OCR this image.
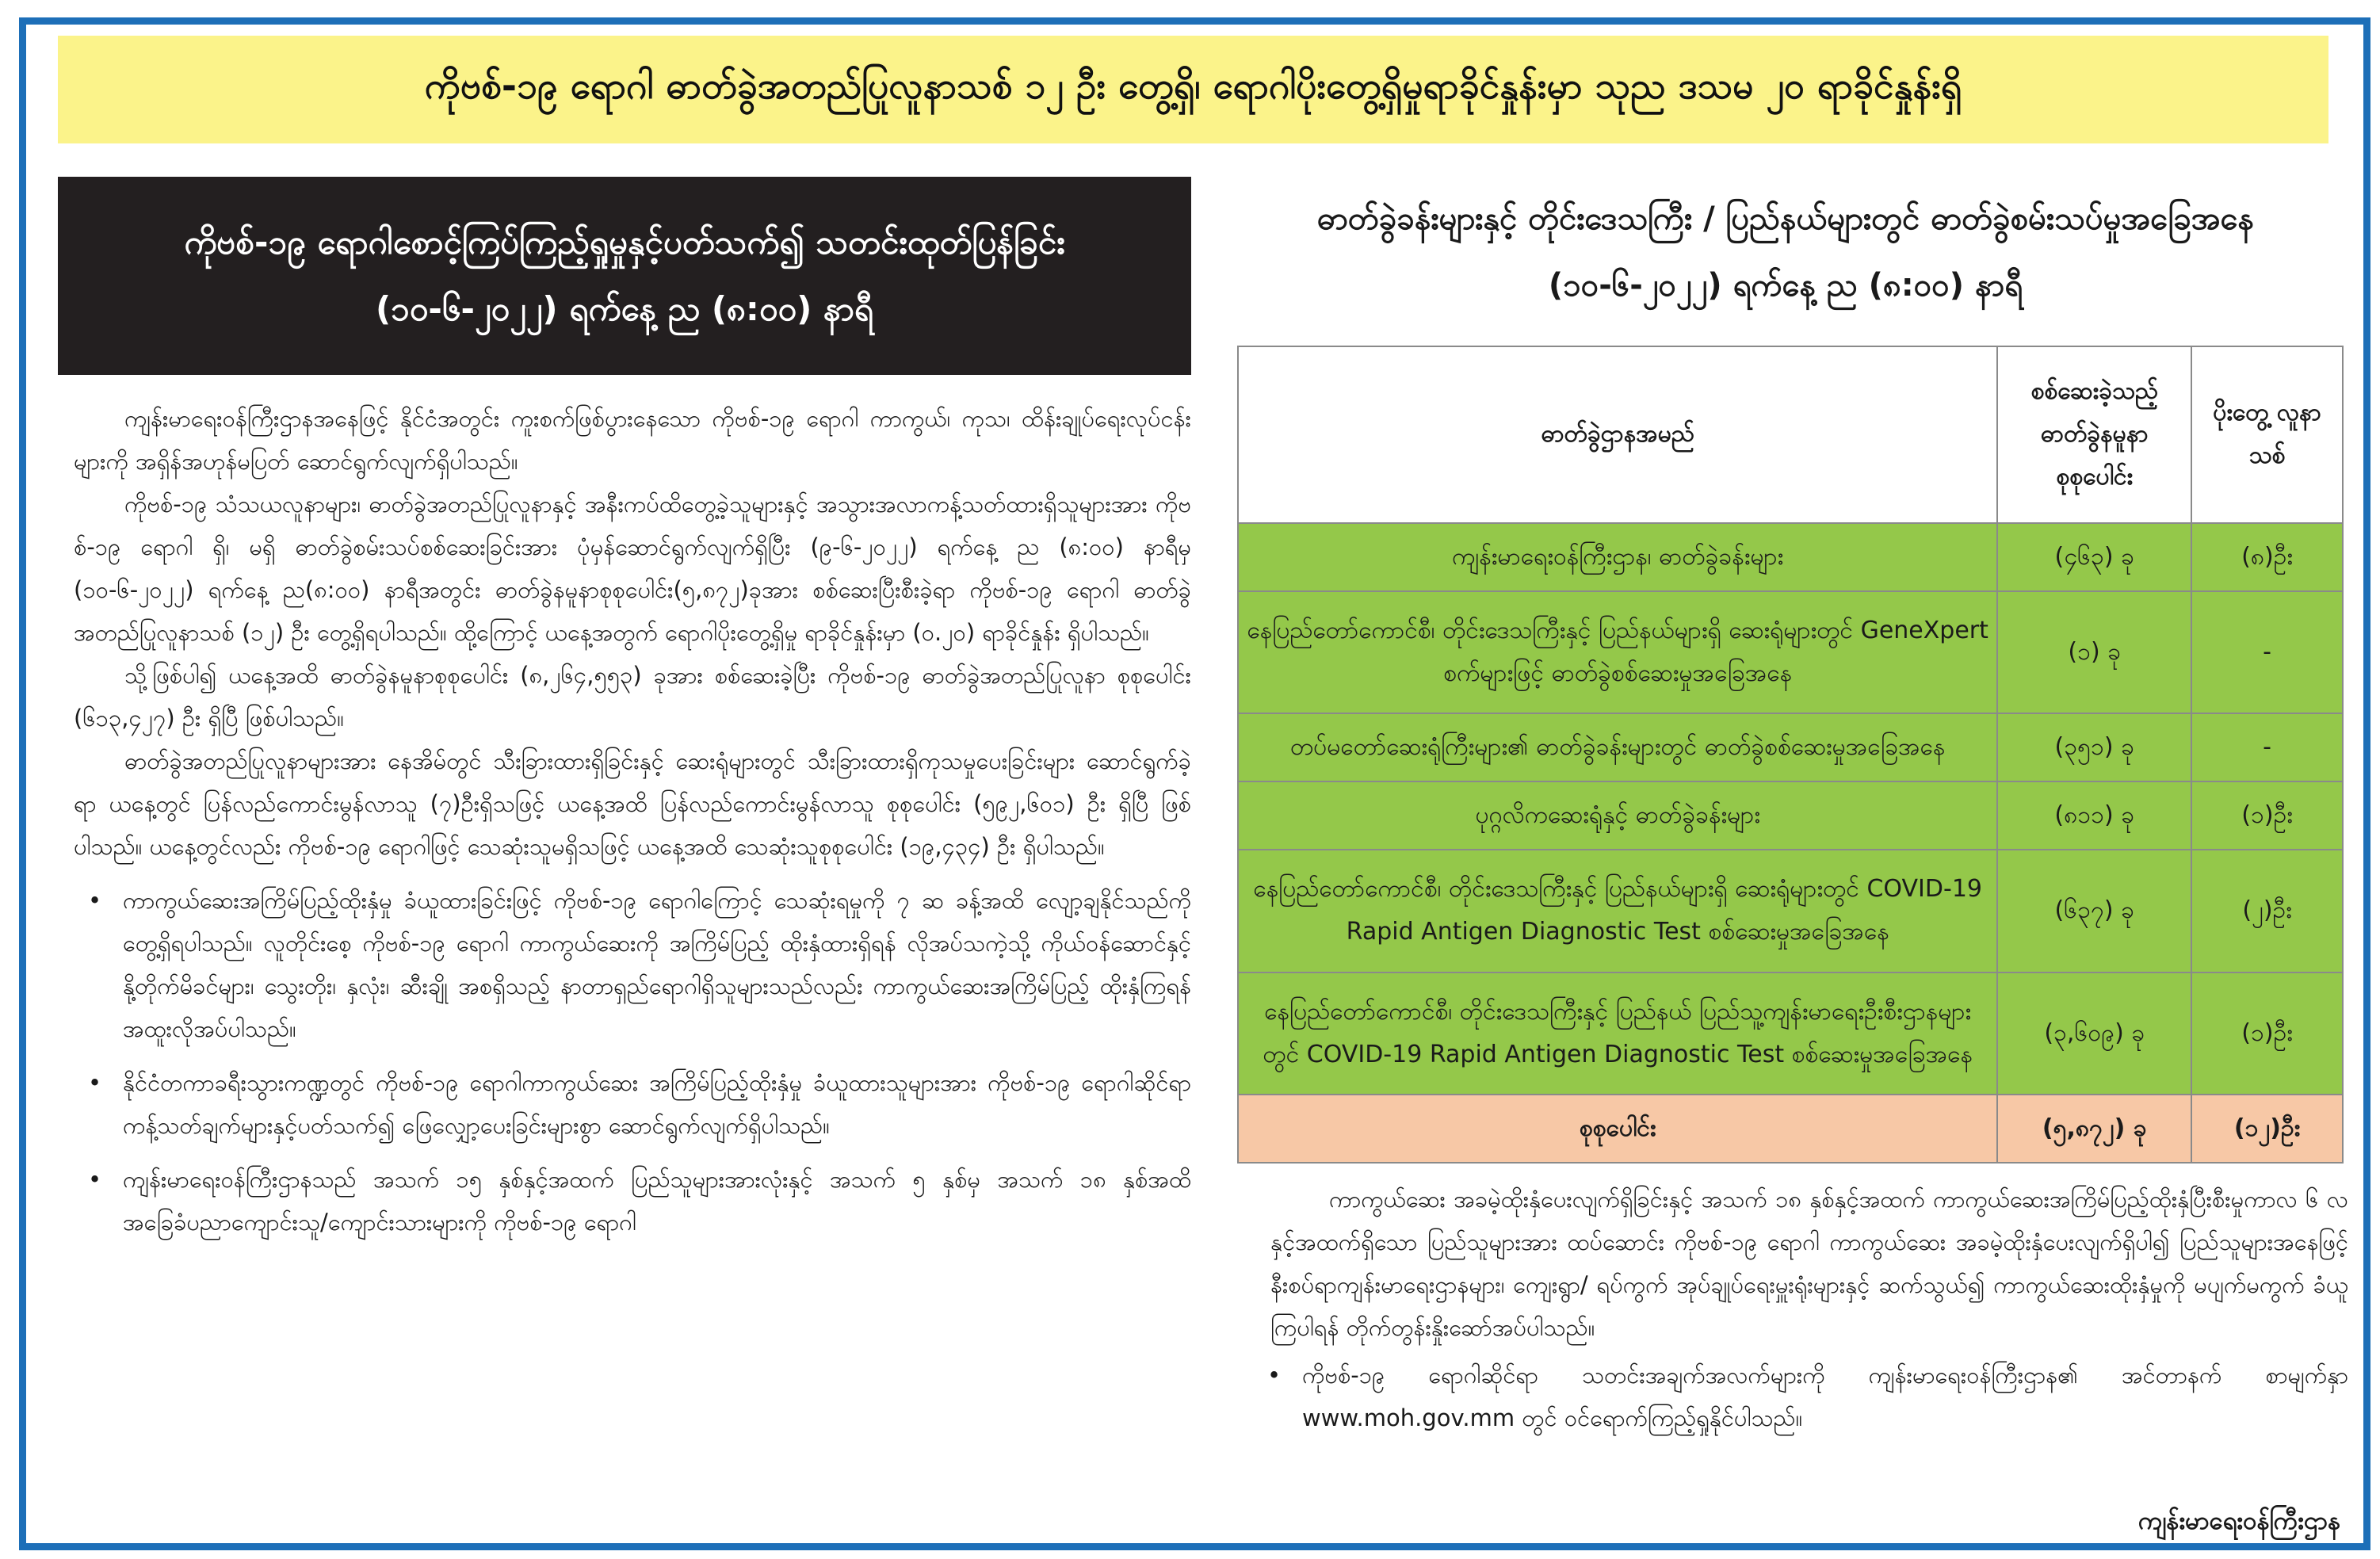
ကိုဗစ်-၁၉ ရောဂါ ဓာတ်ခွဲအတည်ပြုလူနာသစ် ၁၂ ဦး တွေ့ရှိ၊ ရောဂါပိုးတွေ့ရှိမှုရာခိုင်နှုန်းမှာ သုည ဒသမ ၂၀ ရာခိုင်နှုန်းရှိ
ကိုဗစ်-၁၉ ရောဂါစောင့်ကြပ်ကြည့်ရှုမှုနှင့်ပတ်သက်၍ သတင်းထုတ်ပြန်ခြင်း
(၁၀-၆-၂၀၂၂) ရက်နေ့ ည (၈:၀၀) နာရီ

ကျန်းမာရေးဝန်ကြီးဌာနအနေဖြင့် နိုင်ငံအတွင်း ကူးစက်ဖြစ်ပွားနေသော ကိုဗစ်-၁၉ ရောဂါ ကာကွယ်၊ ကုသ၊ ထိန်းချုပ်ရေးလုပ်ငန်းများကို အရှိန်အဟုန်မပြတ် ဆောင်ရွက်လျက်ရှိပါသည်။

ကိုဗစ်-၁၉ သံသယလူနာများ၊ ဓာတ်ခွဲအတည်ပြုလူနာနှင့် အနီးကပ်ထိတွေ့ခဲ့သူများနှင့် အသွားအလာကန့်သတ်ထားရှိသူများအား ကိုဗစ်-၁၉ ရောဂါ ရှိ၊ မရှိ ဓာတ်ခွဲစမ်းသပ်စစ်ဆေးခြင်းအား ပုံမှန်ဆောင်ရွက်လျက်ရှိပြီး (၉-၆-၂၀၂၂) ရက်နေ့ ည (၈:၀၀) နာရီမှ (၁၀-၆-၂၀၂၂) ရက်နေ့ ည(၈:၀၀) နာရီအတွင်း ဓာတ်ခွဲနမူနာစုစုပေါင်း(၅,၈၇၂)ခုအား စစ်ဆေးပြီးစီးခဲ့ရာ ကိုဗစ်-၁၉ ရောဂါ ဓာတ်ခွဲအတည်ပြုလူနာသစ် (၁၂) ဦး တွေ့ရှိရပါသည်။ ထို့ကြောင့် ယနေ့အတွက် ရောဂါပိုးတွေ့ရှိမှု ရာခိုင်နှုန်းမှာ (၀.၂၀) ရာခိုင်နှုန်း ရှိပါသည်။

သို့ဖြစ်ပါ၍ ယနေ့အထိ ဓာတ်ခွဲနမူနာစုစုပေါင်း (၈,၂၆၄,၅၅၃) ခုအား စစ်ဆေးခဲ့ပြီး ကိုဗစ်-၁၉ ဓာတ်ခွဲအတည်ပြုလူနာ စုစုပေါင်း (၆၁၃,၄၂၇) ဦး ရှိပြီ ဖြစ်ပါသည်။

ဓာတ်ခွဲအတည်ပြုလူနာများအား နေအိမ်တွင် သီးခြားထားရှိခြင်းနှင့် ဆေးရုံများတွင် သီးခြားထားရှိကုသမှုပေးခြင်းများ ဆောင်ရွက်ခဲ့ရာ ယနေ့တွင် ပြန်လည်ကောင်းမွန်လာသူ (၇)ဦးရှိသဖြင့် ယနေ့အထိ ပြန်လည်ကောင်းမွန်လာသူ စုစုပေါင်း (၅၉၂,၆၀၁) ဦး ရှိပြီ ဖြစ်ပါသည်။ ယနေ့တွင်လည်း ကိုဗစ်-၁၉ ရောဂါဖြင့် သေဆုံးသူမရှိသဖြင့် ယနေ့အထိ သေဆုံးသူစုစုပေါင်း (၁၉,၄၃၄) ဦး ရှိပါသည်။

• ကာကွယ်ဆေးအကြိမ်ပြည့်ထိုးနှံမှု ခံယူထားခြင်းဖြင့် ကိုဗစ်-၁၉ ရောဂါကြောင့် သေဆုံးရမှုကို ၇ ဆ ခန့်အထိ လျော့ချနိုင်သည်ကို တွေ့ရှိရပါသည်။ လူတိုင်းစေ့ ကိုဗစ်-၁၉ ရောဂါ ကာကွယ်ဆေးကို အကြိမ်ပြည့် ထိုးနှံထားရှိရန် လိုအပ်သကဲ့သို့ ကိုယ်ဝန်ဆောင်နှင့် နို့တိုက်မိခင်များ၊ သွေးတိုး၊ နှလုံး၊ ဆီးချို အစရှိသည့် နာတာရှည်ရောဂါရှိသူများသည်လည်း ကာကွယ်ဆေးအကြိမ်ပြည့် ထိုးနှံကြရန် အထူးလိုအပ်ပါသည်။
• နိုင်ငံတကာခရီးသွားကဏ္ဍတွင် ကိုဗစ်-၁၉ ရောဂါကာကွယ်ဆေး အကြိမ်ပြည့်ထိုးနှံမှု ခံယူထားသူများအား ကိုဗစ်-၁၉ ရောဂါဆိုင်ရာ ကန့်သတ်ချက်များနှင့်ပတ်သက်၍ ဖြေလျှော့ပေးခြင်းများစွာ ဆောင်ရွက်လျက်ရှိပါသည်။
• ကျန်းမာရေးဝန်ကြီးဌာနသည် အသက် ၁၅ နှစ်နှင့်အထက် ပြည်သူများအားလုံးနှင့် အသက် ၅ နှစ်မှ အသက် ၁၈ နှစ်အထိ အခြေခံပညာကျောင်းသူ/ကျောင်းသားများကို ကိုဗစ်-၁၉ ရောဂါ
ဓာတ်ခွဲခန်းများနှင့် တိုင်းဒေသကြီး / ပြည်နယ်များတွင် ဓာတ်ခွဲစမ်းသပ်မှုအခြေအနေ
(၁၀-၆-၂၀၂၂) ရက်နေ့ ည (၈:၀၀) နာရီ
ဓာတ်ခွဲဌာနအမည်	စစ်ဆေးခဲ့သည့် ဓာတ်ခွဲနမူနာ စုစုပေါင်း	ပိုးတွေ့ လူနာသစ်
ကျန်းမာရေးဝန်ကြီးဌာန၊ ဓာတ်ခွဲခန်းများ	(၄၆၃) ခု	(၈)ဦး
နေပြည်တော်ကောင်စီ၊ တိုင်းဒေသကြီးနှင့် ပြည်နယ်များရှိ ဆေးရုံများတွင် GeneXpert စက်များဖြင့် ဓာတ်ခွဲစစ်ဆေးမှုအခြေအနေ	(၁) ခု	-
တပ်မတော်ဆေးရုံကြီးများ၏ ဓာတ်ခွဲခန်းများတွင် ဓာတ်ခွဲစစ်ဆေးမှုအခြေအနေ	(၃၅၁) ခု	-
ပုဂ္ဂလိကဆေးရုံနှင့် ဓာတ်ခွဲခန်းများ	(၈၁၁) ခု	(၁)ဦး
နေပြည်တော်ကောင်စီ၊ တိုင်းဒေသကြီးနှင့် ပြည်နယ်များရှိ ဆေးရုံများတွင် COVID-19 Rapid Antigen Diagnostic Test စစ်ဆေးမှုအခြေအနေ	(၆၃၇) ခု	(၂)ဦး
နေပြည်တော်ကောင်စီ၊ တိုင်းဒေသကြီးနှင့် ပြည်နယ် ပြည်သူ့ကျန်းမာရေးဦးစီးဌာနများတွင် COVID-19 Rapid Antigen Diagnostic Test စစ်ဆေးမှုအခြေအနေ	(၃,၆၀၉) ခု	(၁)ဦး
စုစုပေါင်း	(၅,၈၇၂) ခု	(၁၂)ဦး

ကာကွယ်ဆေး အခမဲ့ထိုးနှံပေးလျက်ရှိခြင်းနှင့် အသက် ၁၈ နှစ်နှင့်အထက် ကာကွယ်ဆေးအကြိမ်ပြည့်ထိုးနှံပြီးစီးမှုကာလ ၆ လနှင့်အထက်ရှိသော ပြည်သူများအား ထပ်ဆောင်း ကိုဗစ်-၁၉ ရောဂါ ကာကွယ်ဆေး အခမဲ့ထိုးနှံပေးလျက်ရှိပါ၍ ပြည်သူများအနေဖြင့် နီးစပ်ရာကျန်းမာရေးဌာနများ၊ ကျေးရွာ/ ရပ်ကွက် အုပ်ချုပ်ရေးမှူးရုံးများနှင့် ဆက်သွယ်၍ ကာကွယ်ဆေးထိုးနှံမှုကို မပျက်မကွက် ခံယူကြပါရန် တိုက်တွန်းနှိုးဆော်အပ်ပါသည်။

• ကိုဗစ်-၁၉ ရောဂါဆိုင်ရာ သတင်းအချက်အလက်များကို ကျန်းမာရေးဝန်ကြီးဌာန၏ အင်တာနက် စာမျက်နှာ www.moh.gov.mm တွင် ဝင်ရောက်ကြည့်ရှုနိုင်ပါသည်။
ကျန်းမာရေးဝန်ကြီးဌာန
